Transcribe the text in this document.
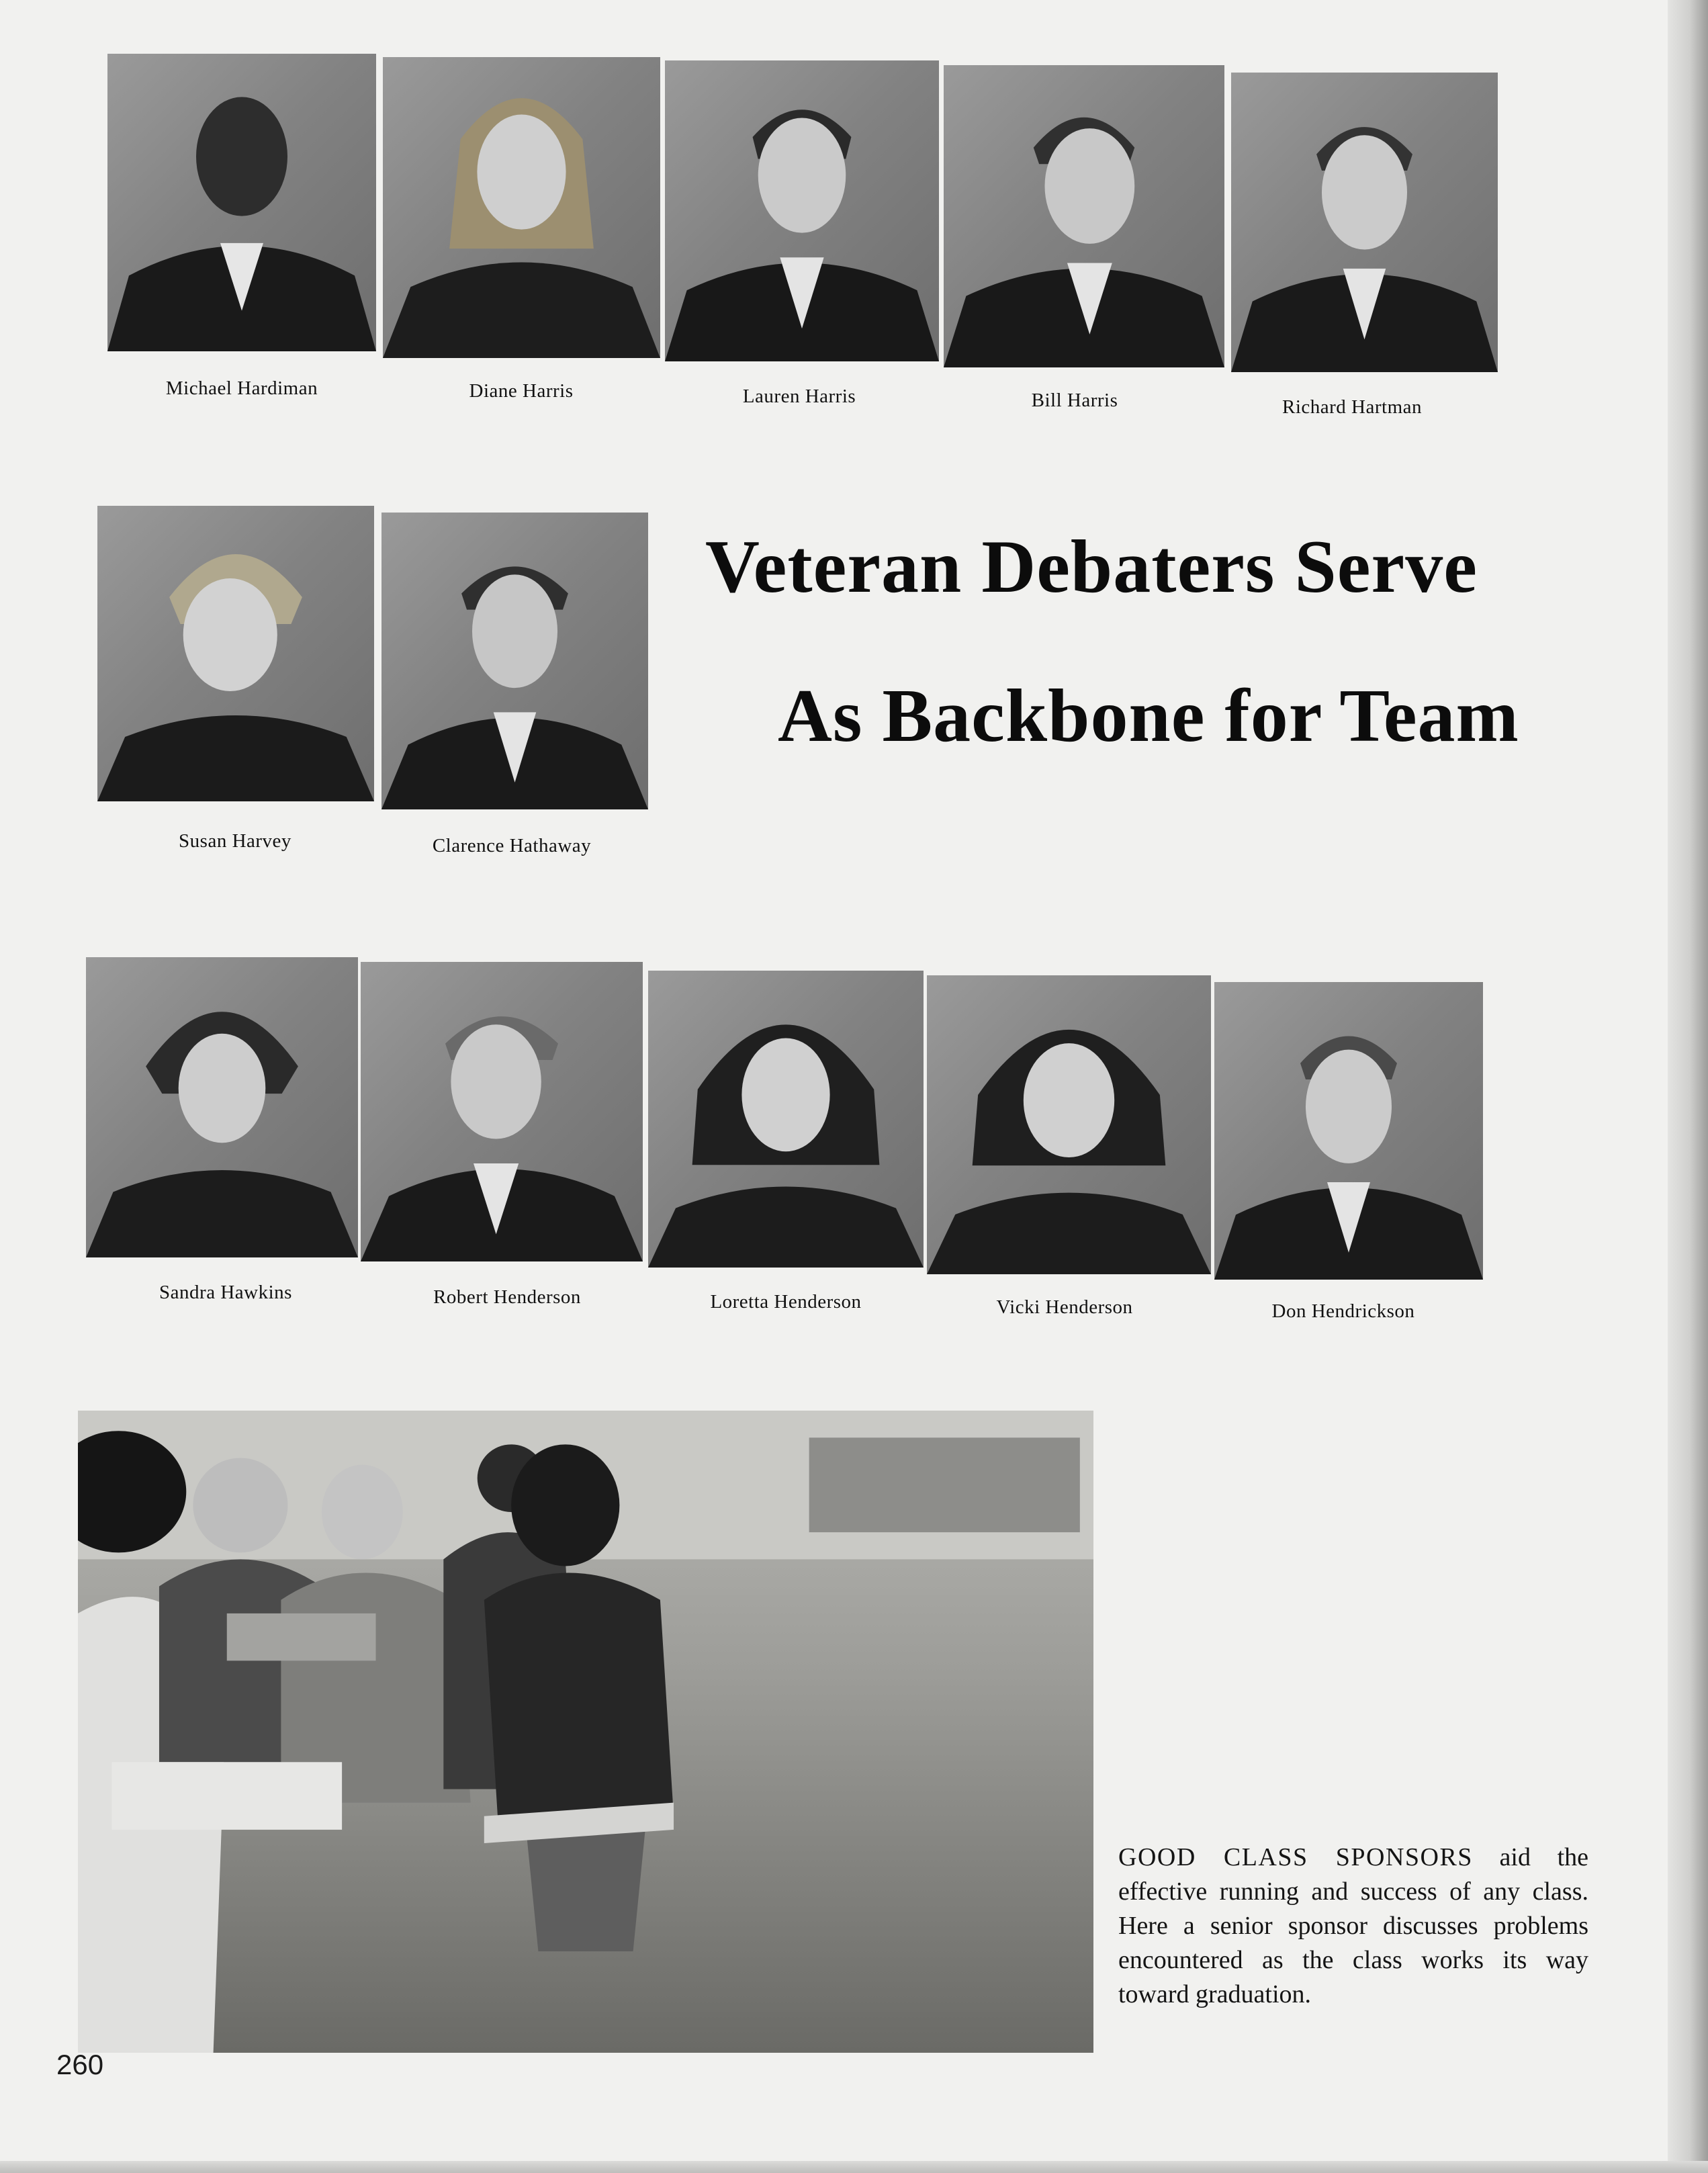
Michael Hardiman	Diane Harris	Lauren Harris	Bill Harris	Richard Hartman
Susan Harvey	Clarence Hathaway
Veteran Debaters Serve
As Backbone for Team
Sandra Hawkins	Robert Henderson	Loretta Henderson	Vicki Henderson	Don Hendrickson
GOOD CLASS SPONSORS aid the effective running and success of any class. Here a senior sponsor discusses problems encountered as the class works its way toward graduation.
260
